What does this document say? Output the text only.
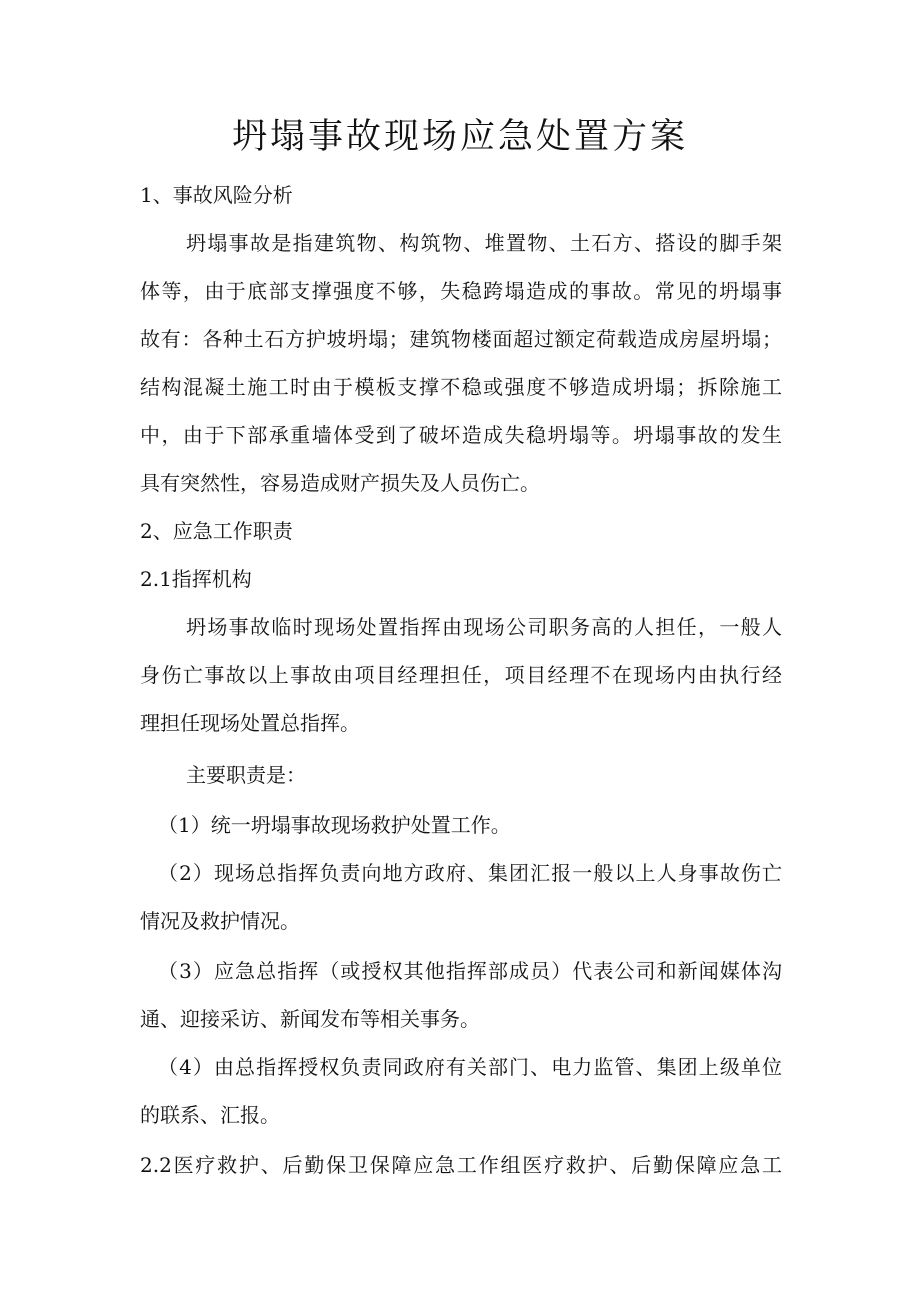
坍塌事故现场应急处置方案
1、事故风险分析
坍塌事故是指建筑物、构筑物、堆置物、土石方、搭设的脚手架
体等，由于底部支撑强度不够，失稳跨塌造成的事故。常见的坍塌事
故有：各种土石方护坡坍塌；建筑物楼面超过额定荷载造成房屋坍塌；
结构混凝土施工时由于模板支撑不稳或强度不够造成坍塌；拆除施工
中，由于下部承重墙体受到了破坏造成失稳坍塌等。坍塌事故的发生
具有突然性，容易造成财产损失及人员伤亡。
2、应急工作职责
2.1指挥机构
坍场事故临时现场处置指挥由现场公司职务高的人担任，一般人
身伤亡事故以上事故由项目经理担任，项目经理不在现场内由执行经
理担任现场处置总指挥。
主要职责是：
（1）统一坍塌事故现场救护处置工作。
（2）现场总指挥负责向地方政府、集团汇报一般以上人身事故伤亡
情况及救护情况。
（3）应急总指挥（或授权其他指挥部成员）代表公司和新闻媒体沟
通、迎接采访、新闻发布等相关事务。
（4）由总指挥授权负责同政府有关部门、电力监管、集团上级单位
的联系、汇报。
2.2医疗救护、后勤保卫保障应急工作组医疗救护、后勤保障应急工
